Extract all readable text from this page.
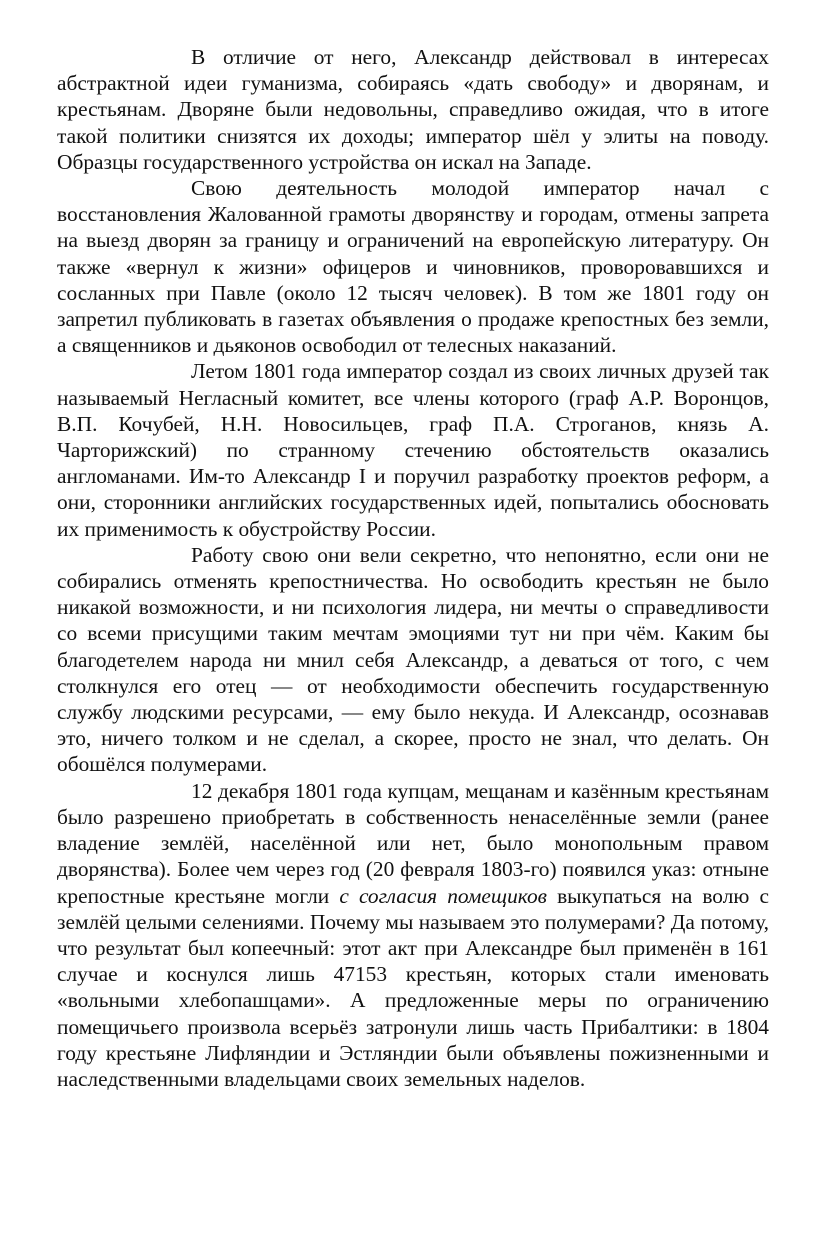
В отличие от него, Александр действовал в интересах абстрактной идеи гуманизма, собираясь «дать свободу» и дворянам, и крестьянам. Дворяне были недовольны, справедливо ожидая, что в итоге такой политики снизятся их доходы; император шёл у элиты на поводу. Образцы государственного устройства он искал на Западе.

Свою деятельность молодой император начал с восстановления Жалованной грамоты дворянству и городам, отмены запрета на выезд дворян за границу и ограничений на европейскую литературу. Он также «вернул к жизни» офицеров и чиновников, проворовавшихся и сосланных при Павле (около 12 тысяч человек). В том же 1801 году он запретил публиковать в газетах объявления о продаже крепостных без земли, а священников и дьяконов освободил от телесных наказаний.

Летом 1801 года император создал из своих личных друзей так называемый Негласный комитет, все члены которого (граф А.Р. Воронцов, В.П. Кочубей, Н.Н. Новосильцев, граф П.А. Строганов, князь А. Чарторижский) по странному стечению обстоятельств оказались англоманами. Им-то Александр I и поручил разработку проектов реформ, а они, сторонники английских государственных идей, попытались обосновать их применимость к обустройству России.

Работу свою они вели секретно, что непонятно, если они не собирались отменять крепостничества. Но освободить крестьян не было никакой возможности, и ни психология лидера, ни мечты о справедливости со всеми присущими таким мечтам эмоциями тут ни при чём. Каким бы благодетелем народа ни мнил себя Александр, а деваться от того, с чем столкнулся его отец — от необходимости обеспечить государственную службу людскими ресурсами, — ему было некуда. И Александр, осознавав это, ничего толком и не сделал, а скорее, просто не знал, что делать. Он обошёлся полумерами.

12 декабря 1801 года купцам, мещанам и казённым крестьянам было разрешено приобретать в собственность ненаселённые земли (ранее владение землёй, населённой или нет, было монопольным правом дворянства). Более чем через год (20 февраля 1803-го) появился указ: отныне крепостные крестьяне могли с согласия помещиков выкупаться на волю с землёй целыми селениями. Почему мы называем это полумерами? Да потому, что результат был копеечный: этот акт при Александре был применён в 161 случае и коснулся лишь 47153 крестьян, которых стали именовать «вольными хлебопашцами». А предложенные меры по ограничению помещичьего произвола всерьёз затронули лишь часть Прибалтики: в 1804 году крестьяне Лифляндии и Эстляндии были объявлены пожизненными и наследственными владельцами своих земельных наделов.
